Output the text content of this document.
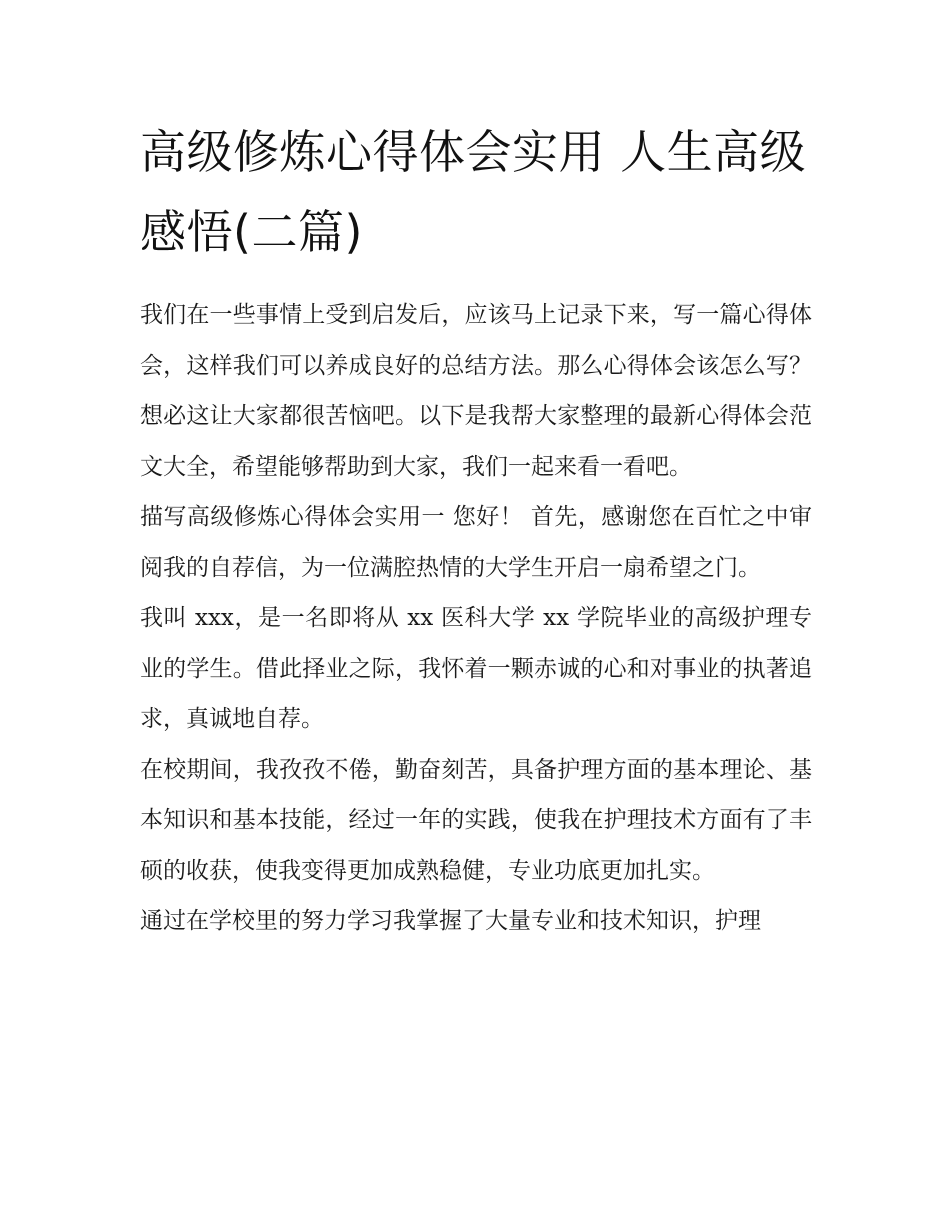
高级修炼心得体会实用 人生高级感悟(二篇)

我们在一些事情上受到启发后，应该马上记录下来，写一篇心得体会，这样我们可以养成良好的总结方法。那么心得体会该怎么写？想必这让大家都很苦恼吧。以下是我帮大家整理的最新心得体会范文大全，希望能够帮助到大家，我们一起来看一看吧。

描写高级修炼心得体会实用一 您好！ 首先，感谢您在百忙之中审阅我的自荐信，为一位满腔热情的大学生开启一扇希望之门。

我叫 xxx，是一名即将从 xx 医科大学 xx 学院毕业的高级护理专业的学生。借此择业之际，我怀着一颗赤诚的心和对事业的执著追求，真诚地自荐。

在校期间，我孜孜不倦，勤奋刻苦，具备护理方面的基本理论、基本知识和基本技能，经过一年的实践，使我在护理技术方面有了丰硕的收获，使我变得更加成熟稳健，专业功底更加扎实。

通过在学校里的努力学习我掌握了大量专业和技术知识，护理
